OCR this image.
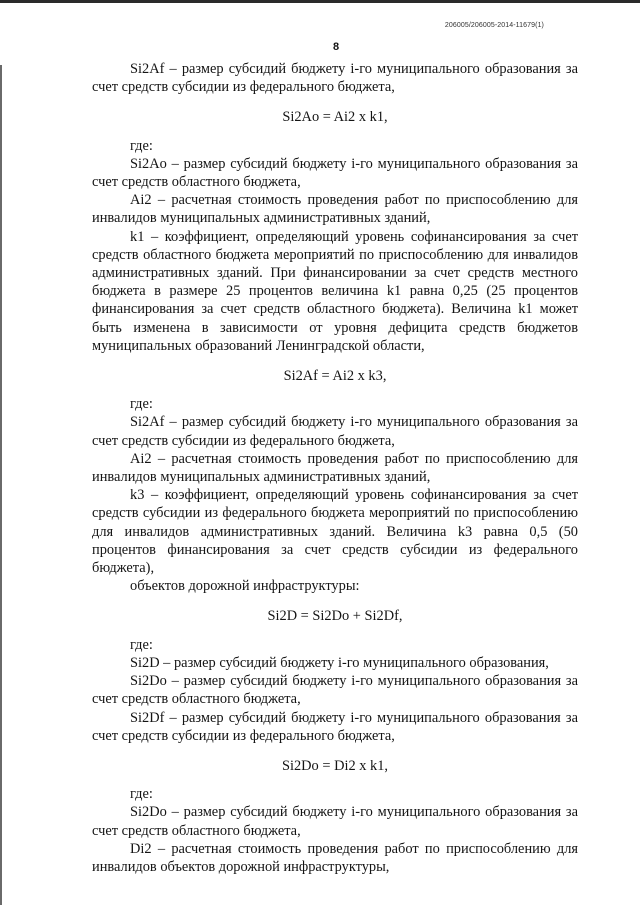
206005/206005-2014-11679(1)
8

Si2Af – размер субсидий бюджету i-го муниципального образования за счет средств субсидии из федерального бюджета,

Si2Ao = Ai2 x k1,

где:

Si2Ao – размер субсидий бюджету i-го муниципального образования за счет средств областного бюджета,

Ai2 – расчетная стоимость проведения работ по приспособлению для инвалидов муниципальных административных зданий,

k1 – коэффициент, определяющий уровень софинансирования за счет средств областного бюджета мероприятий по приспособлению для инвалидов административных зданий. При финансировании за счет средств местного бюджета в размере 25 процентов величина k1 равна 0,25 (25 процентов финансирования за счет средств областного бюджета). Величина k1 может быть изменена в зависимости от уровня дефицита средств бюджетов муниципальных образований Ленинградской области,

Si2Af = Ai2 x k3,

где:

Si2Af – размер субсидий бюджету i-го муниципального образования за счет средств субсидии из федерального бюджета,

Ai2 – расчетная стоимость проведения работ по приспособлению для инвалидов муниципальных административных зданий,

k3 – коэффициент, определяющий уровень софинансирования за счет средств субсидии из федерального бюджета мероприятий по приспособлению для инвалидов административных зданий. Величина k3 равна 0,5 (50 процентов финансирования за счет средств субсидии из федерального бюджета),

объектов дорожной инфраструктуры:

Si2D = Si2Do + Si2Df,

где:

Si2D – размер субсидий бюджету i-го муниципального образования,

Si2Do – размер субсидий бюджету i-го муниципального образования за счет средств областного бюджета,

Si2Df – размер субсидий бюджету i-го муниципального образования за счет средств субсидии из федерального бюджета,

Si2Do = Di2 x k1,

где:

Si2Do – размер субсидий бюджету i-го муниципального образования за счет средств областного бюджета,

Di2 – расчетная стоимость проведения работ по приспособлению для инвалидов объектов дорожной инфраструктуры,
